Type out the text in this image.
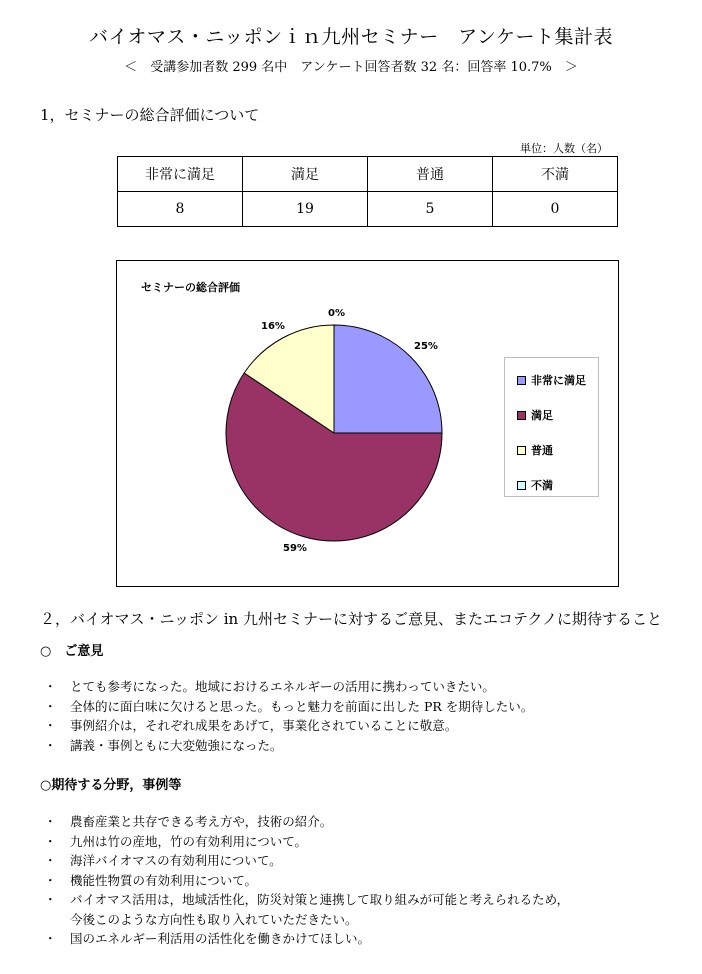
バイオマス・ニッポンｉｎ九州セミナー　アンケート集計表
＜　受講参加者数 299 名中　アンケート回答者数 32 名：回答率 10.7%　＞
1，セミナーの総合評価について
単位：人数（名）
非常に満足	満足	普通	不満
8	19	5	0
セミナーの総合評価
25%
59%
16%
0%
非常に満足
満足
普通
不満
２，バイオマス・ニッポン in 九州セミナーに対するご意見、またエコテクノに期待すること
○　ご意見
・ とても参考になった。地域におけるエネルギーの活用に携わっていきたい。
・ 全体的に面白味に欠けると思った。もっと魅力を前面に出した PR を期待したい。
・ 事例紹介は，それぞれ成果をあげて，事業化されていることに敬意。
・ 講義・事例ともに大変勉強になった。
○期待する分野，事例等
・ 農畜産業と共存できる考え方や，技術の紹介。
・ 九州は竹の産地，竹の有効利用について。
・ 海洋バイオマスの有効利用について。
・ 機能性物質の有効利用について。
・ バイオマス活用は，地域活性化，防災対策と連携して取り組みが可能と考えられるため，
今後このような方向性も取り入れていただきたい。
・ 国のエネルギー利活用の活性化を働きかけてほしい。
